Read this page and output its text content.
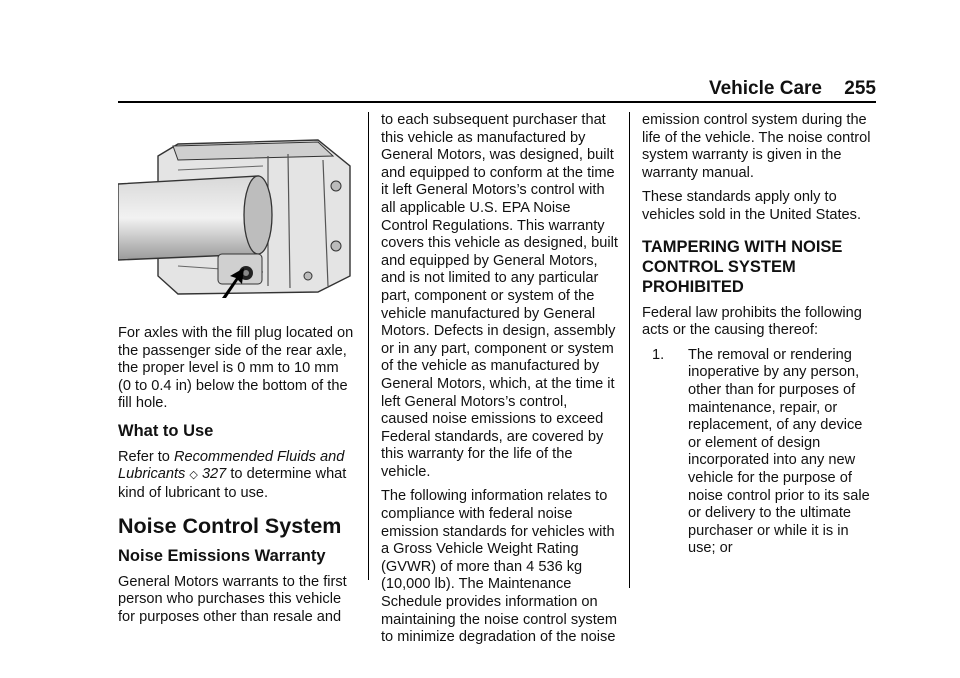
Vehicle Care 255

For axles with the fill plug located on the passenger side of the rear axle, the proper level is 0 mm to 10 mm (0 to 0.4 in) below the bottom of the fill hole.

What to Use

Refer to Recommended Fluids and Lubricants ◇ 327 to determine what kind of lubricant to use.

Noise Control System
Noise Emissions Warranty

General Motors warrants to the first person who purchases this vehicle for purposes other than resale and

to each subsequent purchaser that this vehicle as manufactured by General Motors, was designed, built and equipped to conform at the time it left General Motors’s control with all applicable U.S. EPA Noise Control Regulations. This warranty covers this vehicle as designed, built and equipped by General Motors, and is not limited to any particular part, component or system of the vehicle manufactured by General Motors. Defects in design, assembly or in any part, component or system of the vehicle as manufactured by General Motors, which, at the time it left General Motors’s control, caused noise emissions to exceed Federal standards, are covered by this warranty for the life of the vehicle.

The following information relates to compliance with federal noise emission standards for vehicles with a Gross Vehicle Weight Rating (GVWR) of more than 4 536 kg (10,000 lb). The Maintenance Schedule provides information on maintaining the noise control system to minimize degradation of the noise

emission control system during the life of the vehicle. The noise control system warranty is given in the warranty manual.

These standards apply only to vehicles sold in the United States.

TAMPERING WITH NOISE CONTROL SYSTEM PROHIBITED

Federal law prohibits the following acts or the causing thereof:

1.	The removal or rendering inoperative by any person, other than for purposes of maintenance, repair, or replacement, of any device or element of design incorporated into any new vehicle for the purpose of noise control prior to its sale or delivery to the ultimate purchaser or while it is in use; or
